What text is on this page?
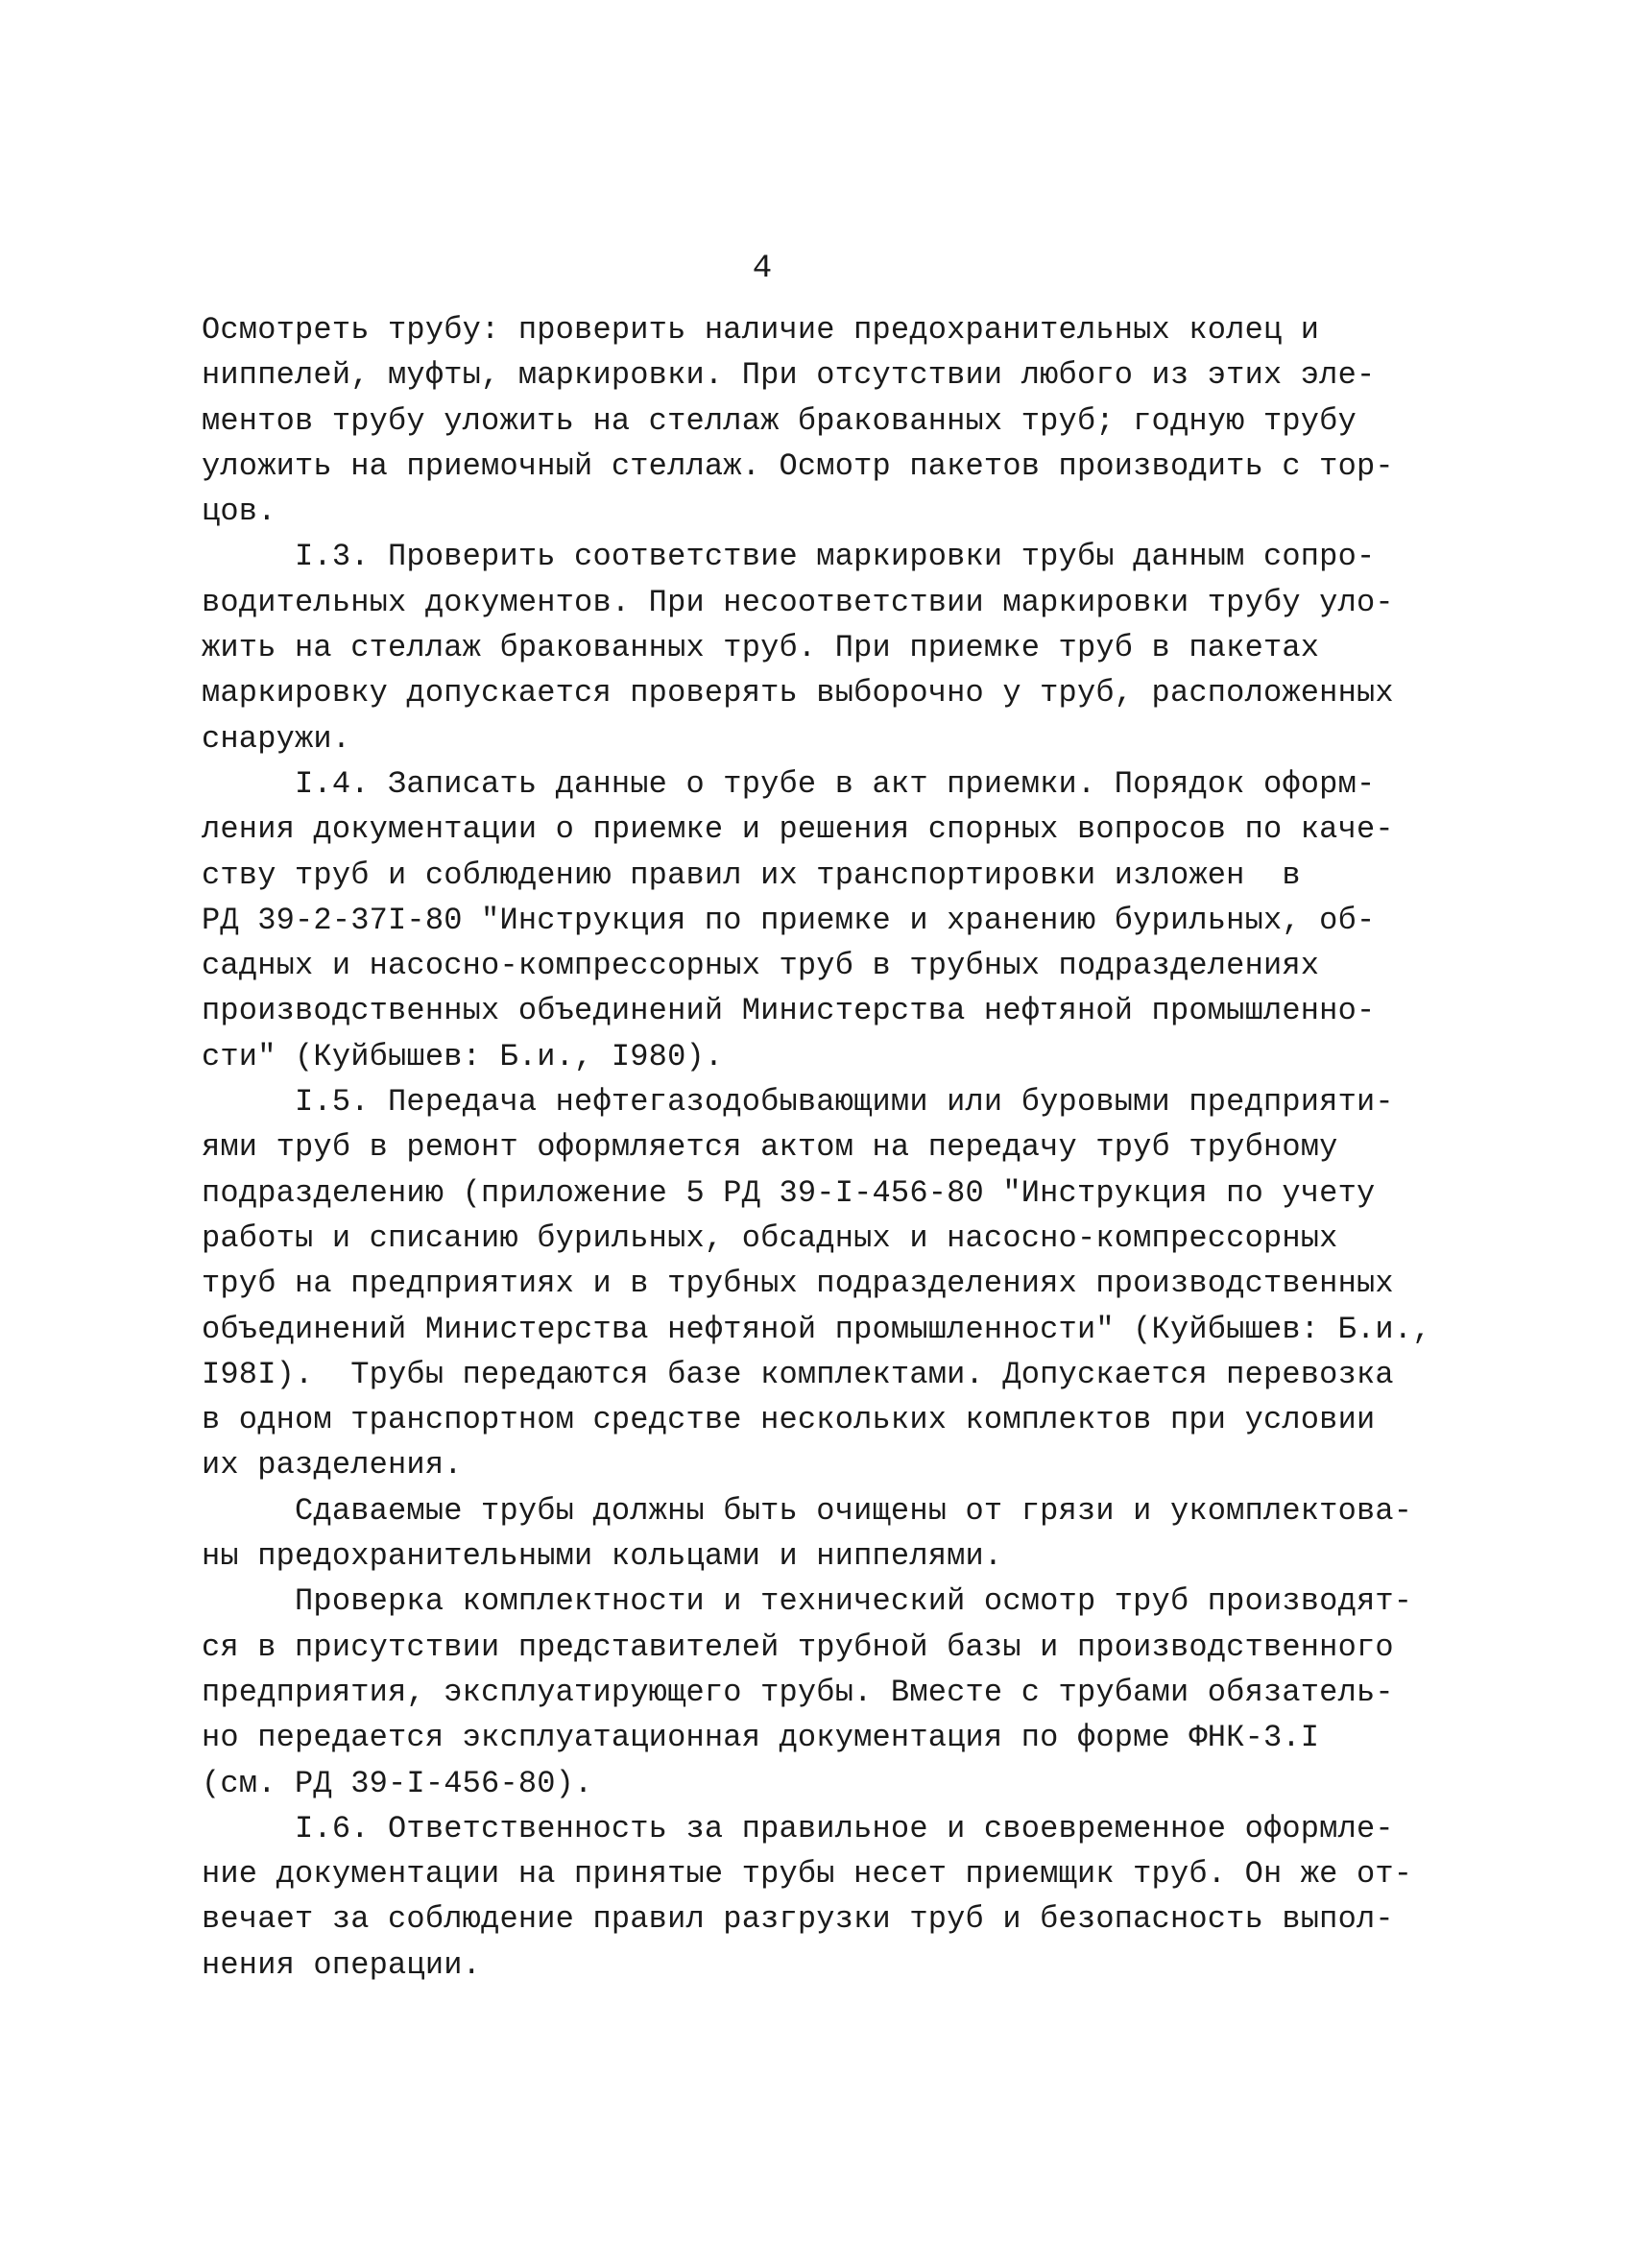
4
Осмотреть трубу: проверить наличие предохранительных колец и
ниппелей, муфты, маркировки. При отсутствии любого из этих эле-
ментов трубу уложить на стеллаж бракованных труб; годную трубу
уложить на приемочный стеллаж. Осмотр пакетов производить с тор-
цов.
I.3. Проверить соответствие маркировки трубы данным сопро-
водительных документов. При несоответствии маркировки трубу уло-
жить на стеллаж бракованных труб. При приемке труб в пакетах
маркировку допускается проверять выборочно у труб, расположенных
снаружи.
I.4. Записать данные о трубе в акт приемки. Порядок оформ-
ления документации о приемке и решения спорных вопросов по каче-
ству труб и соблюдению правил их транспортировки изложен  в
РД 39-2-37I-80 "Инструкция по приемке и хранению бурильных, об-
садных и насосно-компрессорных труб в трубных подразделениях
производственных объединений Министерства нефтяной промышленно-
сти" (Куйбышев: Б.и., I980).
I.5. Передача нефтегазодобывающими или буровыми предприяти-
ями труб в ремонт оформляется актом на передачу труб трубному
подразделению (приложение 5 РД 39-I-456-80 "Инструкция по учету
работы и списанию бурильных, обсадных и насосно-компрессорных
труб на предприятиях и в трубных подразделениях производственных
объединений Министерства нефтяной промышленности" (Куйбышев: Б.и.,
I98I).  Трубы передаются базе комплектами. Допускается перевозка
в одном транспортном средстве нескольких комплектов при условии
их разделения.
Сдаваемые трубы должны быть очищены от грязи и укомплектова-
ны предохранительными кольцами и ниппелями.
Проверка комплектности и технический осмотр труб производят-
ся в присутствии представителей трубной базы и производственного
предприятия, эксплуатирующего трубы. Вместе с трубами обязатель-
но передается эксплуатационная документация по форме ФНК-3.I
(см. РД 39-I-456-80).
I.6. Ответственность за правильное и своевременное оформле-
ние документации на принятые трубы несет приемщик труб. Он же от-
вечает за соблюдение правил разгрузки труб и безопасность выпол-
нения операции.
